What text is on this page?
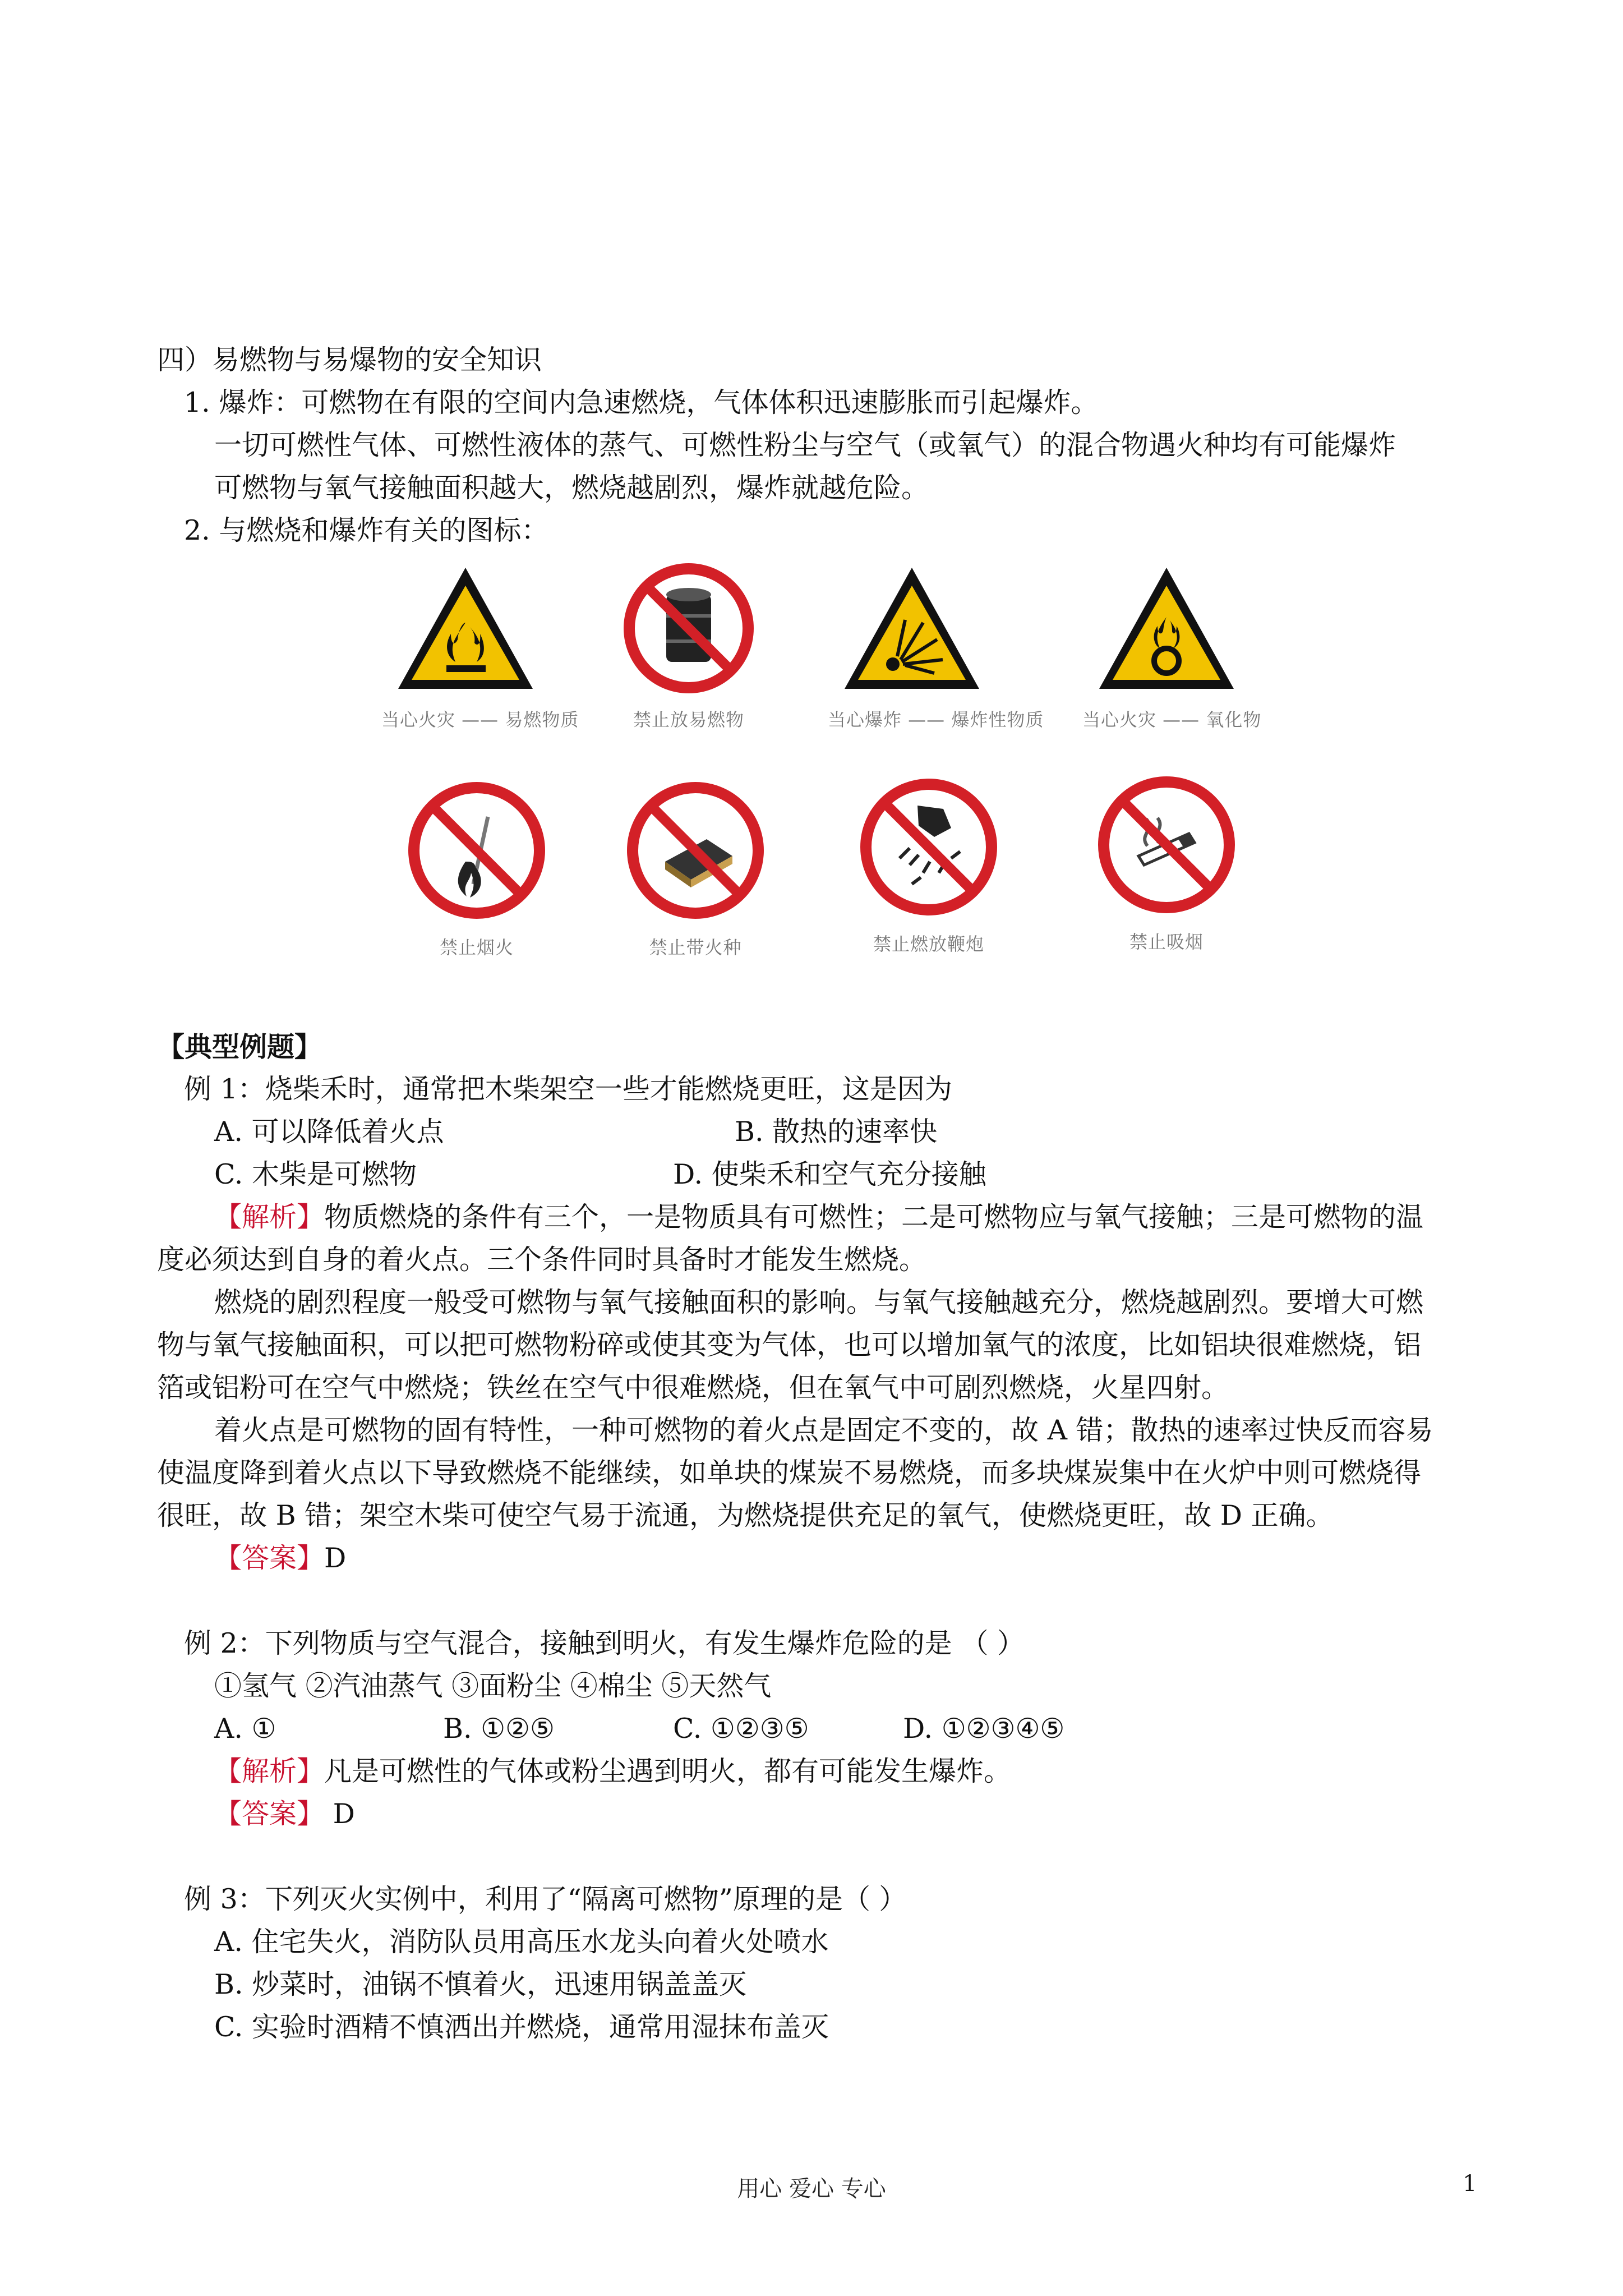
四）易燃物与易爆物的安全知识
1. 爆炸：可燃物在有限的空间内急速燃烧，气体体积迅速膨胀而引起爆炸。
一切可燃性气体、可燃性液体的蒸气、可燃性粉尘与空气（或氧气）的混合物遇火种均有可能爆炸
可燃物与氧气接触面积越大，燃烧越剧烈，爆炸就越危险。
2. 与燃烧和爆炸有关的图标：
当心火灾 —— 易燃物质	禁止放易燃物	当心爆炸 —— 爆炸性物质 当心火灾 —— 氧化物
禁止烟火	禁止带火种	禁止燃放鞭炮	禁止吸烟
【典型例题】
例 1：烧柴禾时，通常把木柴架空一些才能燃烧更旺，这是因为
A. 可以降低着火点	B. 散热的速率快
C. 木柴是可燃物	D. 使柴禾和空气充分接触
【解析】物质燃烧的条件有三个，一是物质具有可燃性；二是可燃物应与氧气接触；三是可燃物的温
度必须达到自身的着火点。三个条件同时具备时才能发生燃烧。
燃烧的剧烈程度一般受可燃物与氧气接触面积的影响。与氧气接触越充分，燃烧越剧烈。要增大可燃
物与氧气接触面积，可以把可燃物粉碎或使其变为气体，也可以增加氧气的浓度，比如铝块很难燃烧，铝
箔或铝粉可在空气中燃烧；铁丝在空气中很难燃烧，但在氧气中可剧烈燃烧，火星四射。
着火点是可燃物的固有特性，一种可燃物的着火点是固定不变的，故 A 错；散热的速率过快反而容易
使温度降到着火点以下导致燃烧不能继续，如单块的煤炭不易燃烧，而多块煤炭集中在火炉中则可燃烧得
很旺，故 B 错；架空木柴可使空气易于流通，为燃烧提供充足的氧气，使燃烧更旺，故 D 正确。
【答案】D
例 2：下列物质与空气混合，接触到明火，有发生爆炸危险的是 （ ）
①氢气 ②汽油蒸气 ③面粉尘 ④棉尘 ⑤天然气
A. ①	B. ①②⑤	C. ①②③⑤	D. ①②③④⑤
【解析】凡是可燃性的气体或粉尘遇到明火，都有可能发生爆炸。
【答案】 D
例 3：下列灭火实例中，利用了“隔离可燃物”原理的是（ ）
A. 住宅失火，消防队员用高压水龙头向着火处喷水
B. 炒菜时，油锅不慎着火，迅速用锅盖盖灭
C. 实验时酒精不慎洒出并燃烧，通常用湿抹布盖灭
用心 爱心 专心	1
